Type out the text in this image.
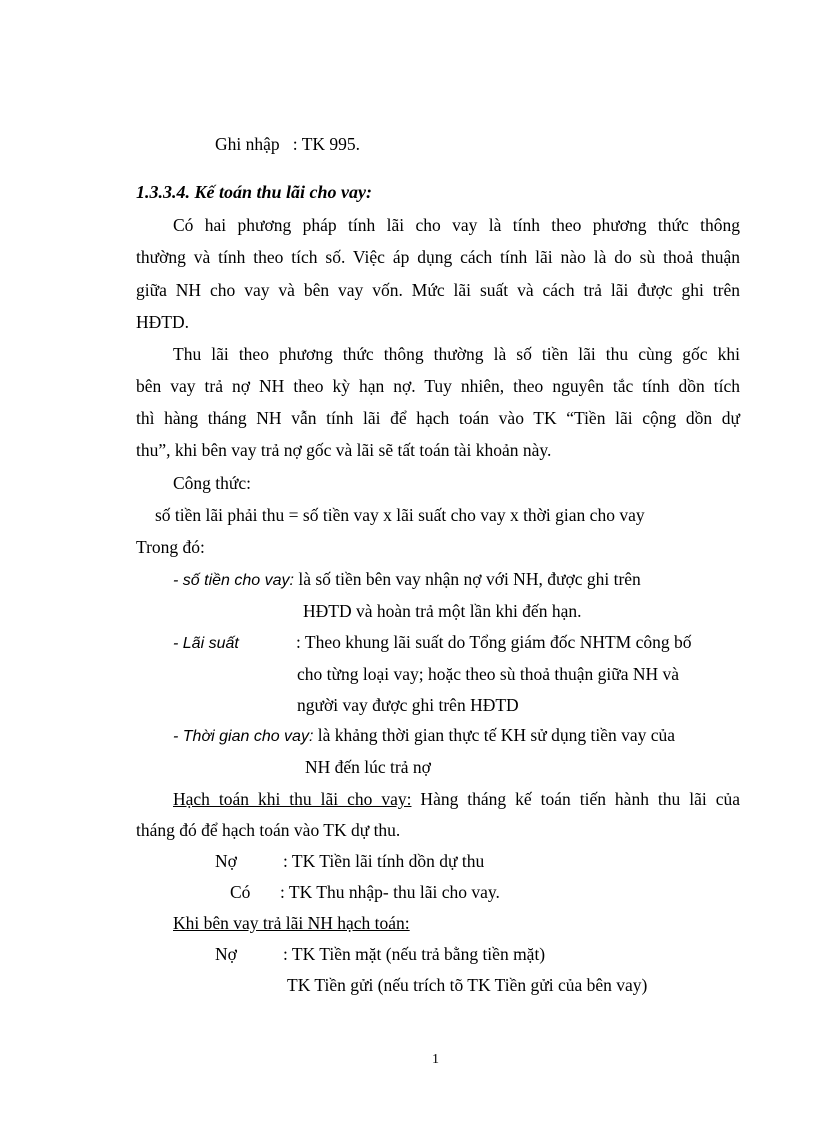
Ghi nhập   : TK 995.
1.3.3.4. Kế toán thu lãi cho vay:
Có hai phương pháp tính lãi cho vay là tính theo phương thức thông
thường và tính theo tích số. Việc áp dụng cách tính lãi nào là do sù thoả thuận
giữa NH cho vay và bên vay vốn. Mức lãi suất và cách trả lãi được ghi trên
HĐTD.
Thu lãi theo phương thức thông thường là số tiền lãi thu cùng gốc khi
bên vay trả nợ NH theo kỳ hạn nợ. Tuy nhiên, theo nguyên tắc tính dồn tích
thì hàng tháng NH vẫn tính lãi để hạch toán vào TK “Tiền lãi cộng dồn dự
thu”, khi bên vay trả nợ gốc và lãi sẽ tất toán tài khoản này.
Công thức:
số tiền lãi phải thu = số tiền vay x lãi suất cho vay x thời gian cho vay
Trong đó:
- số tiền cho vay: là số tiền bên vay nhận nợ với NH, được ghi trên
HĐTD và hoàn trả một lần khi đến hạn.
- Lãi suất	: Theo khung lãi suất do Tổng giám đốc NHTM công bố
cho từng loại vay; hoặc theo sù thoả thuận giữa NH và
người vay được ghi trên HĐTD
- Thời gian cho vay: là khảng thời gian thực tế KH sử dụng tiền vay của
NH đến lúc trả nợ
Hạch toán khi thu lãi cho vay: Hàng tháng kế toán tiến hành thu lãi của
tháng đó để hạch toán vào TK dự thu.
Nợ	: TK Tiền lãi tính dồn dự thu
Có : TK Thu nhập- thu lãi cho vay.
Khi bên vay trả lãi NH hạch toán:
Nợ	: TK Tiền mặt (nếu trả bằng tiền mặt)
TK Tiền gửi (nếu trích tõ TK Tiền gửi của bên vay)
1
